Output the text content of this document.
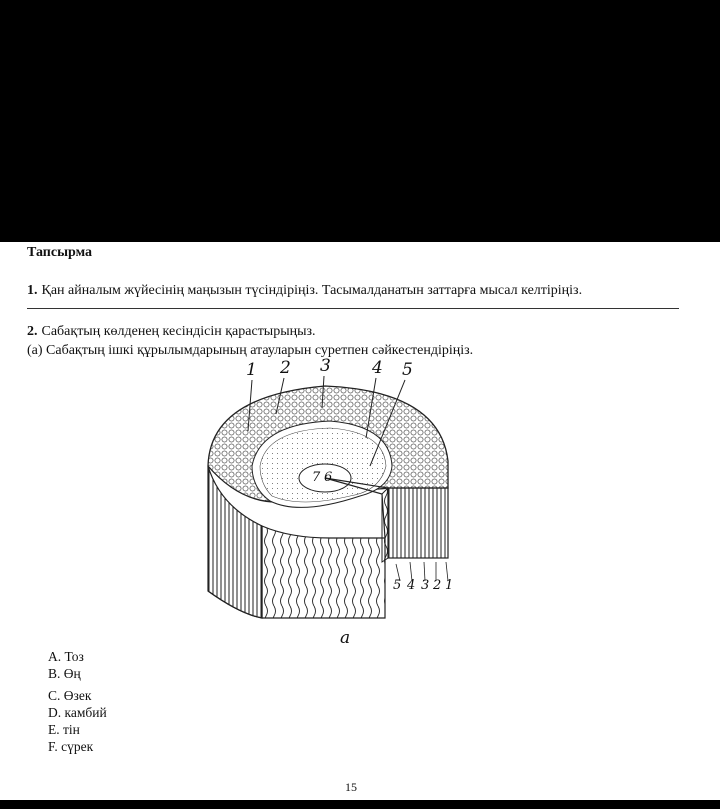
Тапсырма
1. Қан айналым жүйесінің маңызын түсіндіріңіз. Тасымалданатын заттарға мысал келтіріңіз.
2. Сабақтың көлденең кесіндісін қарастырыңыз.
(а) Сабақтың ішкі құрылымдарының атауларын суретпен сәйкестендіріңіз.
1 2 3 4 5
7 6
5 4 3 2 1
а
A. Тоз
B. Өң
C. Өзек
D. камбий
E. тін
F. сүрек
15
